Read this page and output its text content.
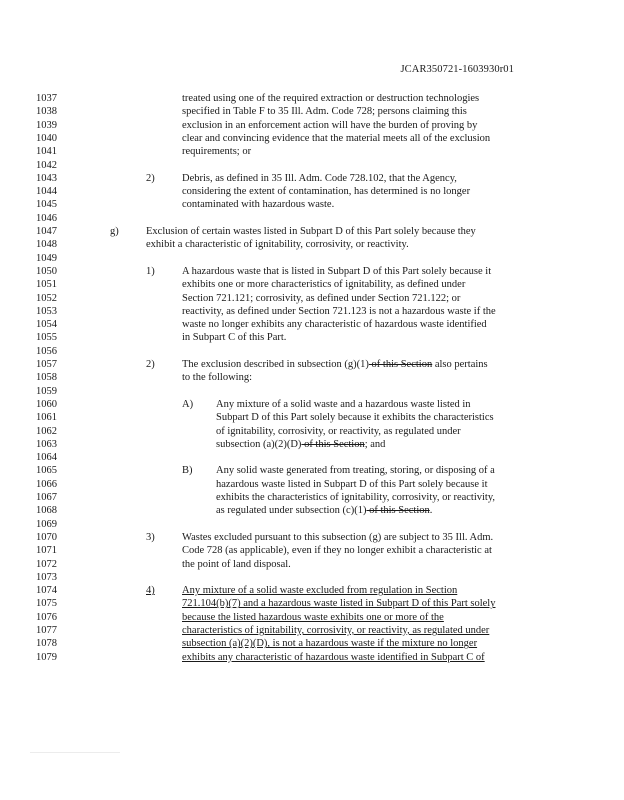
JCAR350721-1603930r01
1037	treated using one of the required extraction or destruction technologies
1038	specified in Table F to 35 Ill. Adm. Code 728; persons claiming this
1039	exclusion in an enforcement action will have the burden of proving by
1040	clear and convincing evidence that the material meets all of the exclusion
1041	requirements; or
1042
1043	2)	Debris, as defined in 35 Ill. Adm. Code 728.102, that the Agency,
1044	considering the extent of contamination, has determined is no longer
1045	contaminated with hazardous waste.
1046
1047	g)	Exclusion of certain wastes listed in Subpart D of this Part solely because they
1048	exhibit a characteristic of ignitability, corrosivity, or reactivity.
1049
1050	1)	A hazardous waste that is listed in Subpart D of this Part solely because it
1051	exhibits one or more characteristics of ignitability, as defined under
1052	Section 721.121; corrosivity, as defined under Section 721.122; or
1053	reactivity, as defined under Section 721.123 is not a hazardous waste if the
1054	waste no longer exhibits any characteristic of hazardous waste identified
1055	in Subpart C of this Part.
1056
1057	2)	The exclusion described in subsection (g)(1) of this Section also pertains
1058	to the following:
1059
1060	A) Any mixture of a solid waste and a hazardous waste listed in
1061	Subpart D of this Part solely because it exhibits the characteristics
1062	of ignitability, corrosivity, or reactivity, as regulated under
1063	subsection (a)(2)(D) of this Section; and
1064
1065	B) Any solid waste generated from treating, storing, or disposing of a
1066	hazardous waste listed in Subpart D of this Part solely because it
1067	exhibits the characteristics of ignitability, corrosivity, or reactivity,
1068	as regulated under subsection (c)(1) of this Section.
1069
1070	3)	Wastes excluded pursuant to this subsection (g) are subject to 35 Ill. Adm.
1071	Code 728 (as applicable), even if they no longer exhibit a characteristic at
1072	the point of land disposal.
1073
1074	4)	Any mixture of a solid waste excluded from regulation in Section
1075	721.104(b)(7) and a hazardous waste listed in Subpart D of this Part solely
1076	because the listed hazardous waste exhibits one or more of the
1077	characteristics of ignitability, corrosivity, or reactivity, as regulated under
1078	subsection (a)(2)(D), is not a hazardous waste if the mixture no longer
1079	exhibits any characteristic of hazardous waste identified in Subpart C of
